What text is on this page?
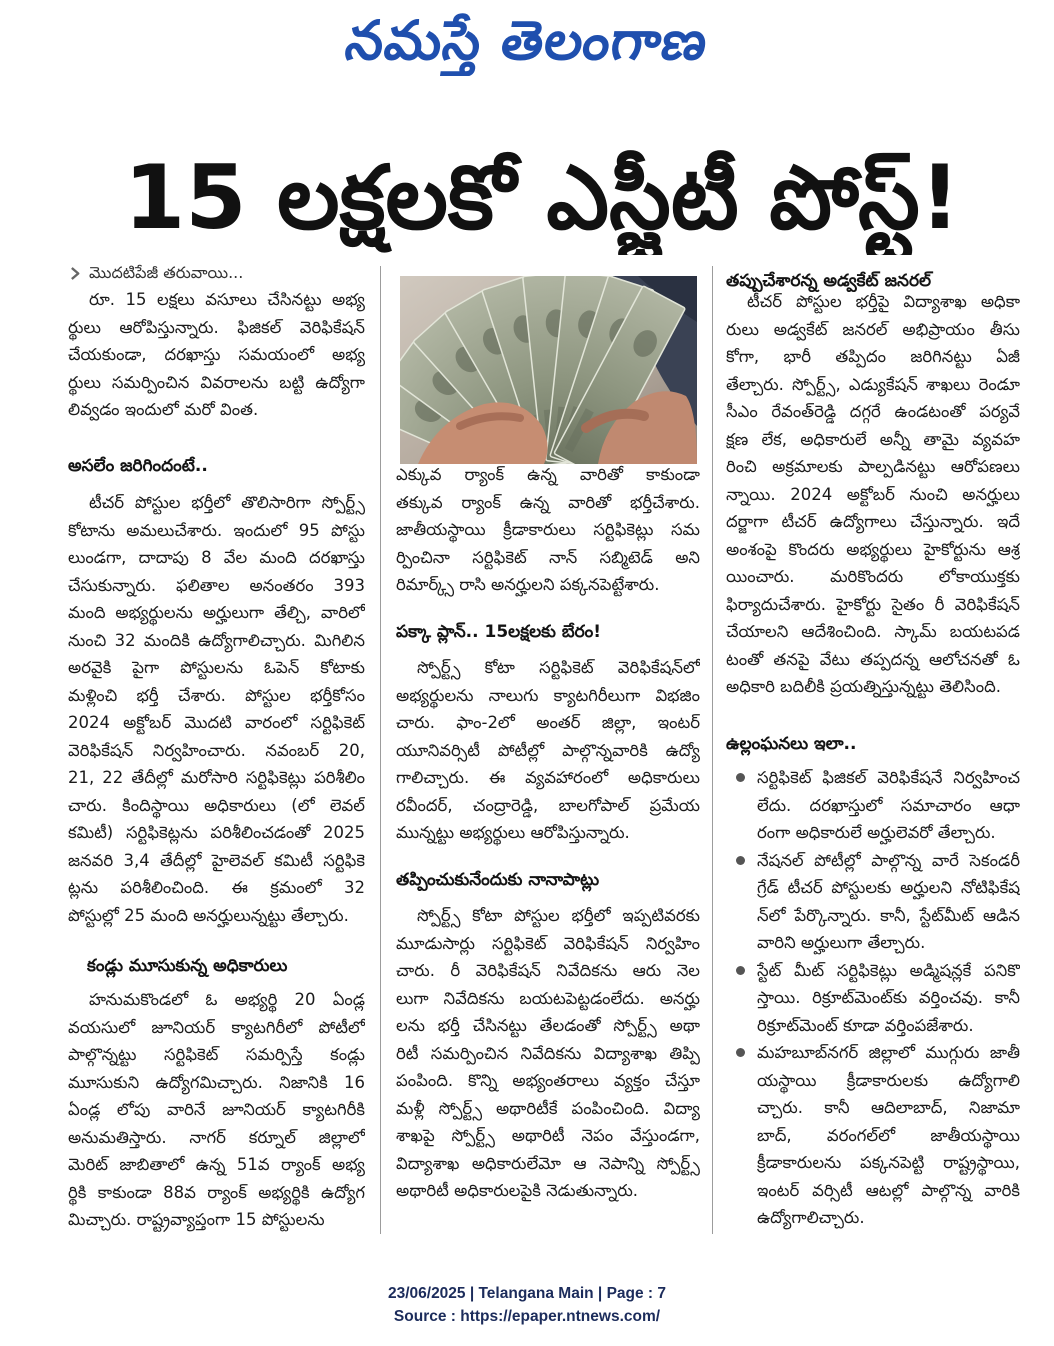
నమస్తే తెలంగాణ
15 లక్షలకో ఎస్జీటీ పోస్ట్!
మొదటిపేజీ తరువాయి...
రూ. 15 లక్షలు వసూలు చేసినట్టు అభ్య
ర్థులు ఆరోపిస్తున్నారు. ఫిజికల్ వెరిఫికేషన్
చేయకుండా, దరఖాస్తు సమయంలో అభ్య
ర్థులు సమర్పించిన వివరాలను బట్టి ఉద్యోగా
లివ్వడం ఇందులో మరో వింత.
అసలేం జరిగిందంటే..
టీచర్ పోస్టుల భర్తీలో తొలిసారిగా స్పోర్ట్స్
కోటాను అమలుచేశారు. ఇందులో 95 పోస్టు
లుండగా, దాదాపు 8 వేల మంది దరఖాస్తు
చేసుకున్నారు. ఫలితాల అనంతరం 393
మంది అభ్యర్థులను అర్హులుగా తేల్చి, వారిలో
నుంచి 32 మందికి ఉద్యోగాలిచ్చారు. మిగిలిన
అరవైకి పైగా పోస్టులను ఓపెన్ కోటాకు
మళ్లించి భర్తీ చేశారు. పోస్టుల భర్తీకోసం
2024 అక్టోబర్ మొదటి వారంలో సర్టిఫికెట్
వెరిఫికేషన్ నిర్వహించారు. నవంబర్ 20,
21, 22 తేదీల్లో మరోసారి సర్టిఫికెట్లు పరిశీలిం
చారు. కిందిస్థాయి అధికారులు (లో లెవల్
కమిటీ) సర్టిఫికెట్లను పరిశీలించడంతో 2025
జనవరి 3,4 తేదీల్లో హైలెవల్ కమిటీ సర్టిఫికె
ట్లను పరిశీలించింది. ఈ క్రమంలో 32
పోస్టుల్లో 25 మంది అనర్హులున్నట్టు తేల్చారు.
కండ్లు మూసుకున్న అధికారులు
హనుమకొండలో ఓ అభ్యర్థి 20 ఏండ్ల
వయసులో జూనియర్ క్యాటగిరీలో పోటీలో
పాల్గొన్నట్టు సర్టిఫికెట్ సమర్పిస్తే కండ్లు
మూసుకుని ఉద్యోగమిచ్చారు. నిజానికి 16
ఏండ్ల లోపు వారినే జూనియర్ క్యాటగిరీకి
అనుమతిస్తారు. నాగర్ కర్నూల్ జిల్లాలో
మెరిట్ జాబితాలో ఉన్న 51వ ర్యాంక్ అభ్య
ర్థికి కాకుండా 88వ ర్యాంక్ అభ్యర్థికి ఉద్యోగ
మిచ్చారు. రాష్ట్రవ్యాప్తంగా 15 పోస్టులను
ఎక్కువ ర్యాంక్ ఉన్న వారితో కాకుండా
తక్కువ ర్యాంక్ ఉన్న వారితో భర్తీచేశారు.
జాతీయస్థాయి క్రీడాకారులు సర్టిఫికెట్లు సమ
ర్పించినా సర్టిఫికెట్ నాన్ సబ్మిటెడ్ అని
రిమార్క్స్ రాసి అనర్హులని పక్కనపెట్టేశారు.
పక్కా ప్లాన్.. 15లక్షలకు బేరం!
స్పోర్ట్స్ కోటా సర్టిఫికెట్ వెరిఫికేషన్‌లో
అభ్యర్థులను నాలుగు క్యాటగిరీలుగా విభజిం
చారు. ఫాం-2లో అంతర్ జిల్లా, ఇంటర్
యూనివర్సిటీ పోటీల్లో పాల్గొన్నవారికి ఉద్యో
గాలిచ్చారు. ఈ వ్యవహారంలో అధికారులు
రవీందర్, చంద్రారెడ్డి, బాలగోపాల్ ప్రమేయ
మున్నట్టు అభ్యర్థులు ఆరోపిస్తున్నారు.
తప్పించుకునేందుకు నానాపాట్లు
స్పోర్ట్స్ కోటా పోస్టుల భర్తీలో ఇప్పటివరకు
మూడుసార్లు సర్టిఫికెట్ వెరిఫికేషన్ నిర్వహిం
చారు. రీ వెరిఫికేషన్ నివేదికను ఆరు నెల
లుగా నివేదికను బయటపెట్టడంలేదు. అనర్హు
లను భర్తీ చేసినట్టు తేలడంతో స్పోర్ట్స్ అథా
రిటీ సమర్పించిన నివేదికను విద్యాశాఖ తిప్పి
పంపింది. కొన్ని అభ్యంతరాలు వ్యక్తం చేస్తూ
మళ్లీ స్పోర్ట్స్ అథారిటీకే పంపించింది. విద్యా
శాఖపై స్పోర్ట్స్ అథారిటీ నెపం వేస్తుండగా,
విద్యాశాఖ అధికారులేమో ఆ నెపాన్ని స్పోర్ట్స్
అథారిటీ అధికారులపైకి నెడుతున్నారు.
తప్పుచేశారన్న అడ్వకేట్ జనరల్
టీచర్ పోస్టుల భర్తీపై విద్యాశాఖ అధికా
రులు అడ్వకేట్ జనరల్ అభిప్రాయం తీసు
కోగా, భారీ తప్పిదం జరిగినట్టు ఏజీ
తేల్చారు. స్పోర్ట్స్, ఎడ్యుకేషన్ శాఖలు రెండూ
సీఎం రేవంత్‌రెడ్డి దగ్గరే ఉండటంతో పర్యవే
క్షణ లేక, అధికారులే అన్నీ తామై వ్యవహ
రించి అక్రమాలకు పాల్పడినట్టు ఆరోపణలు
న్నాయి. 2024 అక్టోబర్ నుంచి అనర్హులు
దర్జాగా టీచర్ ఉద్యోగాలు చేస్తున్నారు. ఇదే
అంశంపై కొందరు అభ్యర్థులు హైకోర్టును ఆశ్ర
యించారు. మరికొందరు లోకాయుక్తకు
ఫిర్యాదుచేశారు. హైకోర్టు సైతం రీ వెరిఫికేషన్
చేయాలని ఆదేశించింది. స్కామ్ బయటపడ
టంతో తనపై వేటు తప్పదన్న ఆలోచనతో ఓ
అధికారి బదిలీకి ప్రయత్నిస్తున్నట్టు తెలిసింది.
ఉల్లంఘనలు ఇలా..
సర్టిఫికెట్ ఫిజికల్ వెరిఫికేషనే నిర్వహించ
లేదు. దరఖాస్తులో సమాచారం ఆధా
రంగా అధికారులే అర్హులెవరో తేల్చారు.
నేషనల్ పోటీల్లో పాల్గొన్న వారే సెకండరీ
గ్రేడ్ టీచర్ పోస్టులకు అర్హులని నోటిఫికేష
న్‌లో పేర్కొన్నారు. కానీ, స్టేట్‌మీట్ ఆడిన
వారిని అర్హులుగా తేల్చారు.
స్టేట్ మీట్ సర్టిఫికెట్లు అడ్మిషన్లకే పనికొ
స్తాయి. రిక్రూట్‌మెంట్‌కు వర్తించవు. కానీ
రిక్రూట్‌మెంట్ కూడా వర్తింపజేశారు.
మహబూబ్‌నగర్ జిల్లాలో ముగ్గురు జాతీ
యస్థాయి క్రీడాకారులకు ఉద్యోగాలి
చ్చారు. కానీ ఆదిలాబాద్, నిజామా
బాద్, వరంగల్‌లో జాతీయస్థాయి
క్రీడాకారులను పక్కనపెట్టి రాష్ట్రస్థాయి,
ఇంటర్ వర్సిటీ ఆటల్లో పాల్గొన్న వారికి
ఉద్యోగాలిచ్చారు.
23/06/2025 | Telangana Main | Page : 7
Source : https://epaper.ntnews.com/
